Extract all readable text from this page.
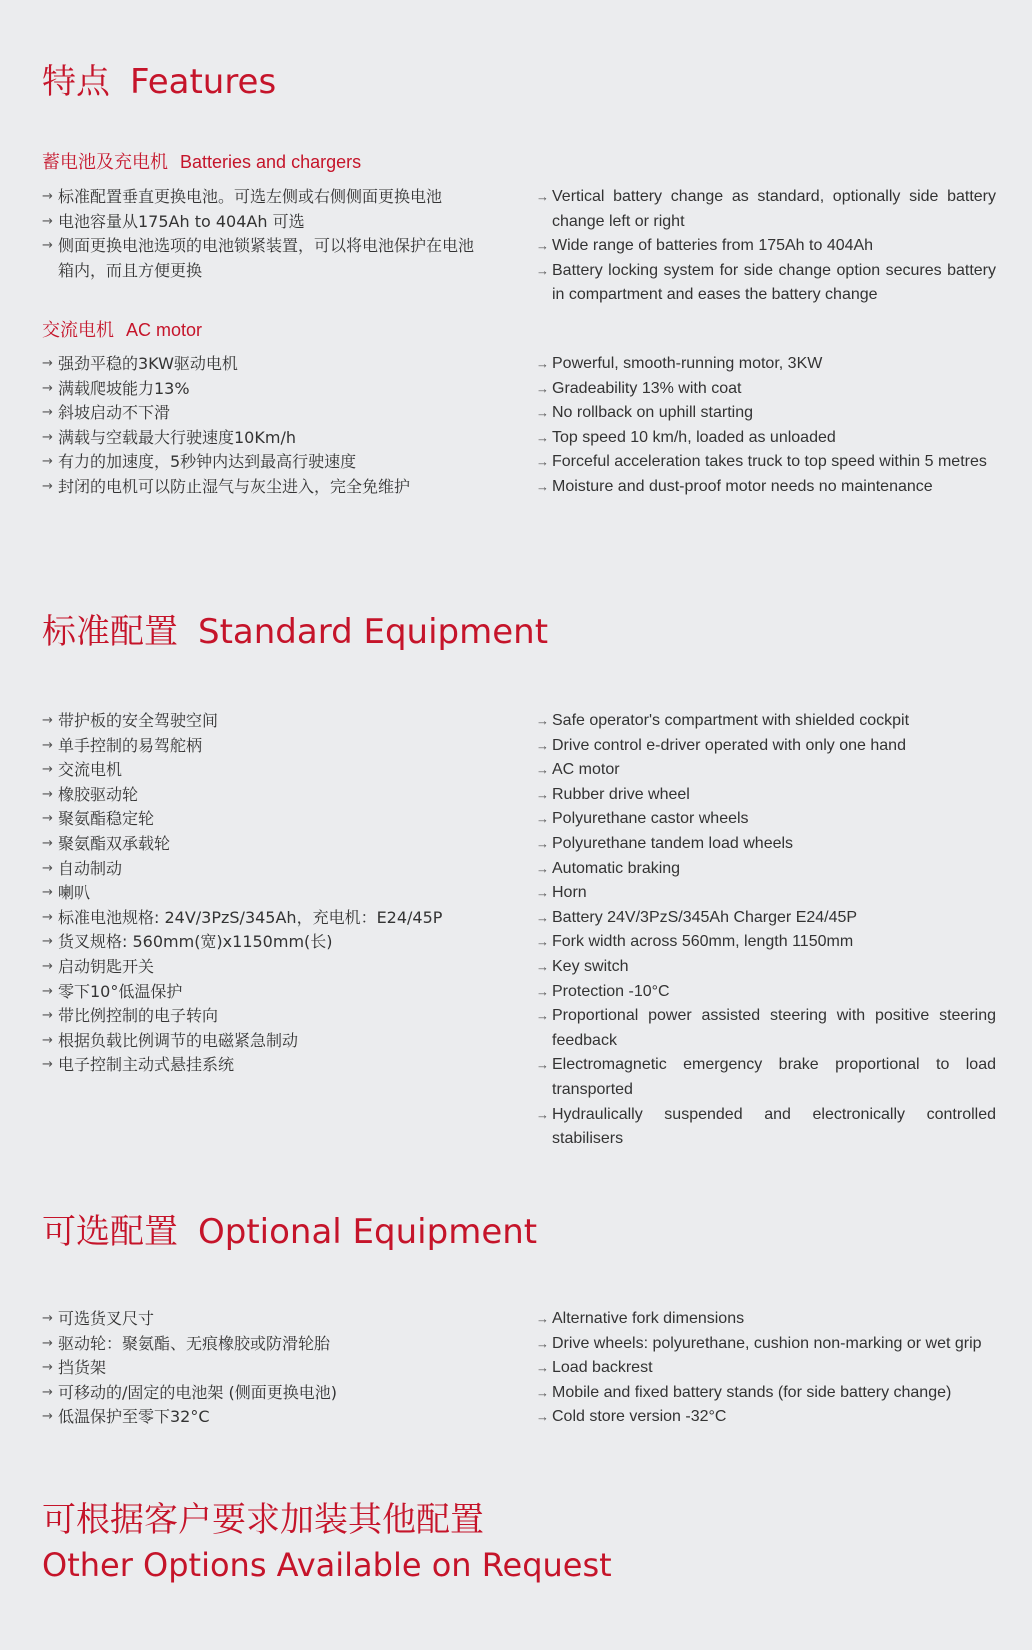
特点 Features
蓄电池及充电机 Batteries and chargers
→ 标准配置垂直更换电池。可选左侧或右侧侧面更换电池
→ 电池容量从175Ah to 404Ah 可选
→ 侧面更换电池选项的电池锁紧装置，可以将电池保护在电池箱内，而且方便更换
→ Vertical battery change as standard, optionally side battery change left or right
→ Wide range of batteries from 175Ah to 404Ah
→ Battery locking system for side change option secures battery in compartment and eases the battery change
交流电机 AC motor
→ 强劲平稳的3KW驱动电机
→ 满载爬坡能力13%
→ 斜坡启动不下滑
→ 满载与空载最大行驶速度10Km/h
→ 有力的加速度，5秒钟内达到最高行驶速度
→ 封闭的电机可以防止湿气与灰尘进入，完全免维护
→ Powerful, smooth-running motor, 3KW
→ Gradeability 13% with coat
→ No rollback on uphill starting
→ Top speed 10 km/h, loaded as unloaded
→ Forceful acceleration takes truck to top speed within 5 metres
→ Moisture and dust-proof motor needs no maintenance
标准配置 Standard Equipment
→ 带护板的安全驾驶空间
→ 单手控制的易驾舵柄
→ 交流电机
→ 橡胶驱动轮
→ 聚氨酯稳定轮
→ 聚氨酯双承载轮
→ 自动制动
→ 喇叭
→ 标准电池规格: 24V/3PzS/345Ah，充电机：E24/45P
→ 货叉规格: 560mm(宽)x1150mm(长)
→ 启动钥匙开关
→ 零下10°低温保护
→ 带比例控制的电子转向
→ 根据负载比例调节的电磁紧急制动
→ 电子控制主动式悬挂系统
→ Safe operator's compartment with shielded cockpit
→ Drive control e-driver operated with only one hand
→ AC motor
→ Rubber drive wheel
→ Polyurethane castor wheels
→ Polyurethane tandem load wheels
→ Automatic braking
→ Horn
→ Battery 24V/3PzS/345Ah Charger E24/45P
→ Fork width across 560mm, length 1150mm
→ Key switch
→ Protection -10°C
→ Proportional power assisted steering with positive steering feedback
→ Electromagnetic emergency brake proportional to load transported
→ Hydraulically suspended and electronically controlled stabilisers
可选配置 Optional Equipment
→ 可选货叉尺寸
→ 驱动轮：聚氨酯、无痕橡胶或防滑轮胎
→ 挡货架
→ 可移动的/固定的电池架 (侧面更换电池)
→ 低温保护至零下32°C
→ Alternative fork dimensions
→ Drive wheels: polyurethane, cushion non-marking or wet grip
→ Load backrest
→ Mobile and fixed battery stands (for side battery change)
→ Cold store version -32°C
可根据客户要求加装其他配置
Other Options Available on Request
